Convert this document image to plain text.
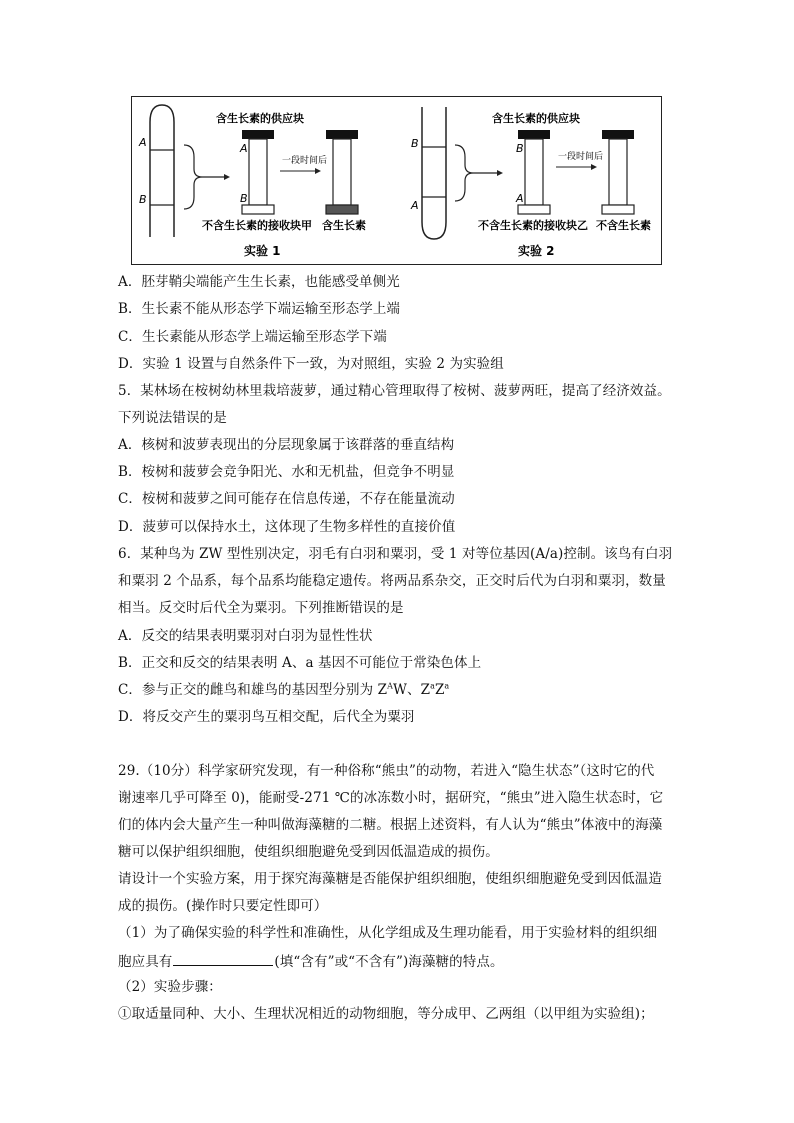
A
B
含生长素的供应块
A
B
一段时间后
不含生长素的接收块甲 含生长素
实验 1
B
A
含生长素的供应块
B
A
一段时间后
不含生长素的接收块乙 不含生长素
实验 2
A．胚芽鞘尖端能产生生长素，也能感受单侧光
B．生长素不能从形态学下端运输至形态学上端
C．生长素能从形态学上端运输至形态学下端
D．实验 1 设置与自然条件下一致，为对照组，实验 2 为实验组
5．某林场在桉树幼林里栽培菠萝，通过精心管理取得了桉树、菠萝两旺，提高了经济效益。
下列说法错误的是
A．核树和波萝表现出的分层现象属于该群落的垂直结构
B．桉树和菠萝会竞争阳光、水和无机盐，但竞争不明显
C．桉树和菠萝之间可能存在信息传递，不存在能量流动
D．菠萝可以保持水土，这体现了生物多样性的直接价值
6．某种鸟为 ZW 型性别决定，羽毛有白羽和粟羽，受 1 对等位基因(A/a)控制。该鸟有白羽
和粟羽 2 个品系，每个品系均能稳定遗传。将两品系杂交，正交时后代为白羽和粟羽，数量
相当。反交时后代全为粟羽。下列推断错误的是
A．反交的结果表明粟羽对白羽为显性性状
B．正交和反交的结果表明 A、a 基因不可能位于常染色体上
C．参与正交的雌鸟和雄鸟的基因型分别为 $Z^AW$、$Z^aZ^a$
D．将反交产生的粟羽鸟互相交配，后代全为粟羽
29.（10分）科学家研究发现，有一种俗称“熊虫”的动物，若进入“隐生状态”（这时它的代
谢速率几乎可降至 0)，能耐受-271 ℃的冰冻数小时，据研究，“熊虫”进入隐生状态时，它
们的体内会大量产生一种叫做海藻糖的二糖。根据上述资料，有人认为“熊虫”体液中的海藻
糖可以保护组织细胞，使组织细胞避免受到因低温造成的损伤。
请设计一个实验方案，用于探究海藻糖是否能保护组织细胞，使组织细胞避免受到因低温造
成的损伤。(操作时只要定性即可）
（1）为了确保实验的科学性和准确性，从化学组成及生理功能看，用于实验材料的组织细
胞应具有	(填“含有”或“不含有”)海藻糖的特点。
（2）实验步骤：
①取适量同种、大小、生理状况相近的动物细胞，等分成甲、乙两组（以甲组为实验组)；
